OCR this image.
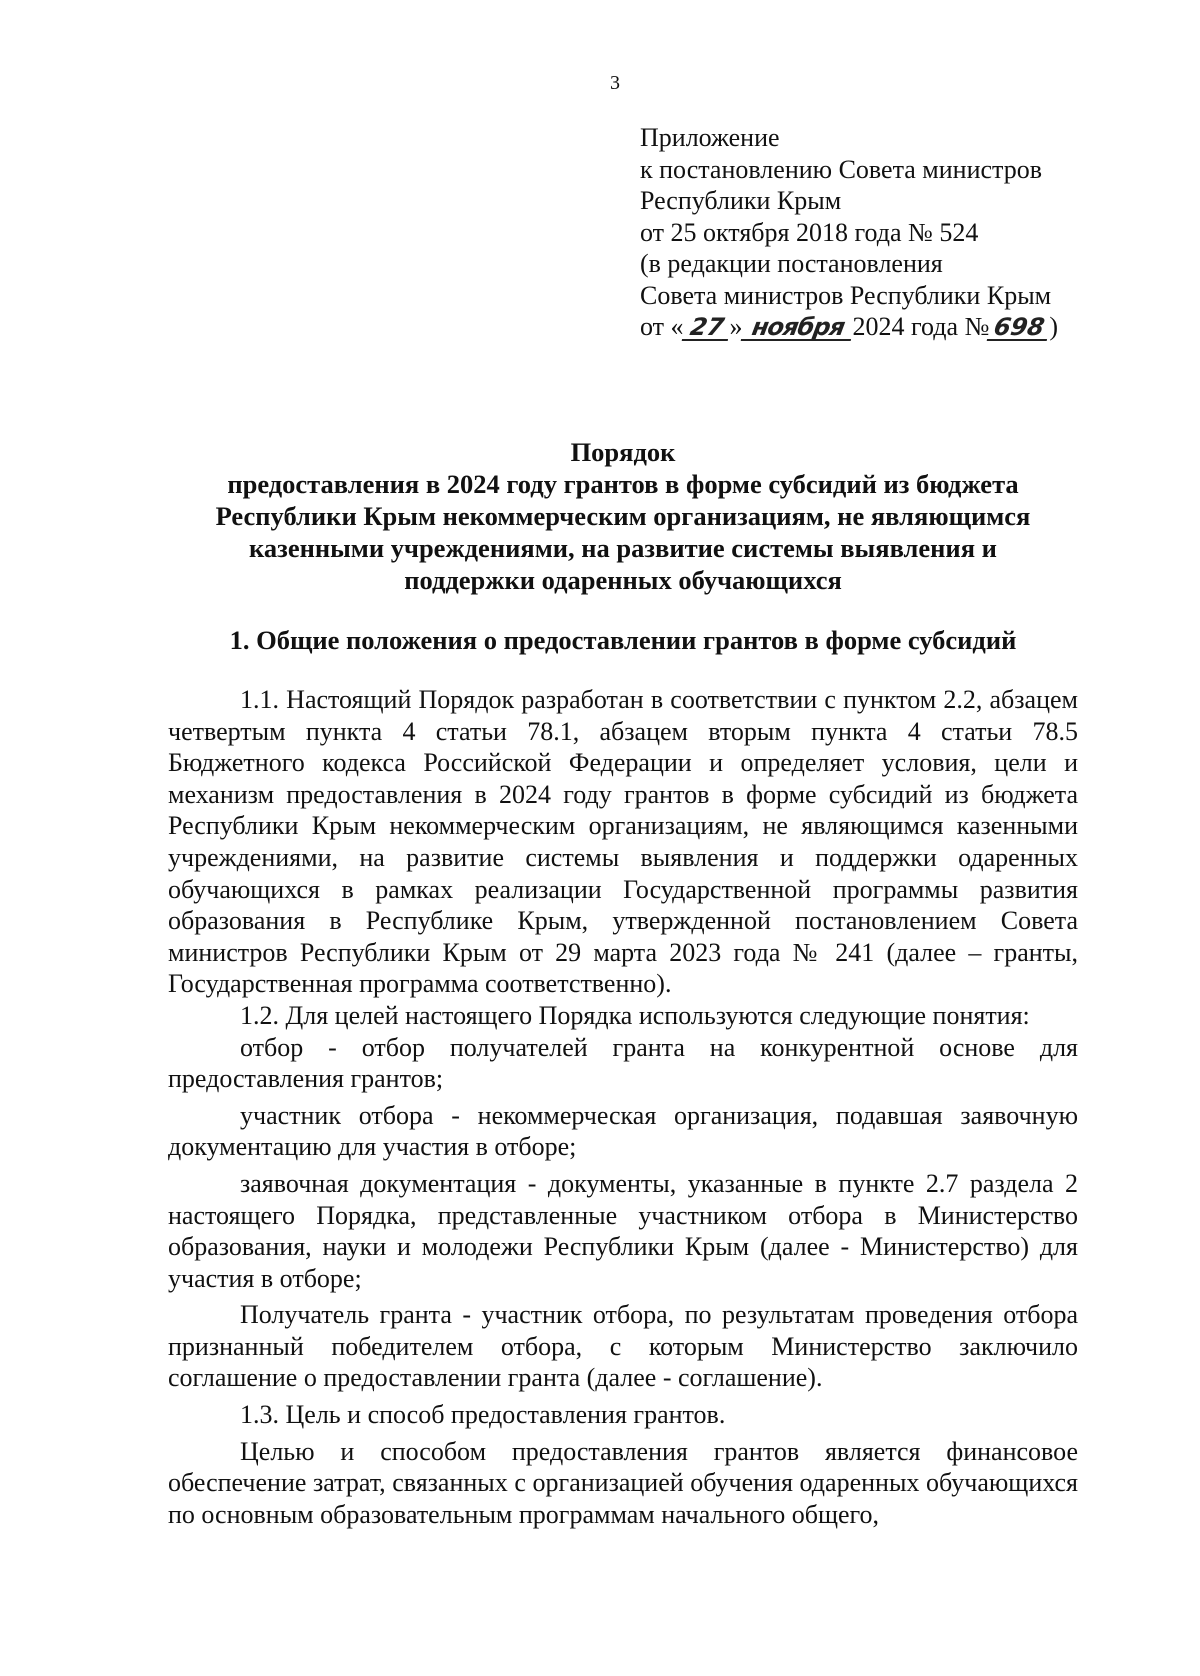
3
Приложение
к постановлению Совета министров
Республики Крым
от 25 октября 2018 года № 524
(в редакции постановления
Совета министров Республики Крым
от « 27 » ноября 2024 года № 698)
Порядок
предоставления в 2024 году грантов в форме субсидий из бюджета
Республики Крым некоммерческим организациям, не являющимся
казенными учреждениями, на развитие системы выявления и
поддержки одаренных обучающихся
1. Общие положения о предоставлении грантов в форме субсидий

1.1. Настоящий Порядок разработан в соответствии с пунктом 2.2, абзацем четвертым пункта 4 статьи 78.1, абзацем вторым пункта 4 статьи 78.5 Бюджетного кодекса Российской Федерации и определяет условия, цели и механизм предоставления в 2024 году грантов в форме субсидий из бюджета Республики Крым некоммерческим организациям, не являющимся казенными учреждениями, на развитие системы выявления и поддержки одаренных обучающихся в рамках реализации Государственной программы развития образования в Республике Крым, утвержденной постановлением Совета министров Республики Крым от 29 марта 2023 года № 241 (далее – гранты, Государственная программа соответственно).

1.2. Для целей настоящего Порядка используются следующие понятия:

отбор - отбор получателей гранта на конкурентной основе для предоставления грантов;

участник отбора - некоммерческая организация, подавшая заявочную документацию для участия в отборе;

заявочная документация - документы, указанные в пункте 2.7 раздела 2 настоящего Порядка, представленные участником отбора в Министерство образования, науки и молодежи Республики Крым (далее - Министерство) для участия в отборе;

Получатель гранта - участник отбора, по результатам проведения отбора признанный победителем отбора, с которым Министерство заключило соглашение о предоставлении гранта (далее - соглашение).

1.3. Цель и способ предоставления грантов.

Целью и способом предоставления грантов является финансовое обеспечение затрат, связанных с организацией обучения одаренных обучающихся по основным образовательным программам начального общего,
